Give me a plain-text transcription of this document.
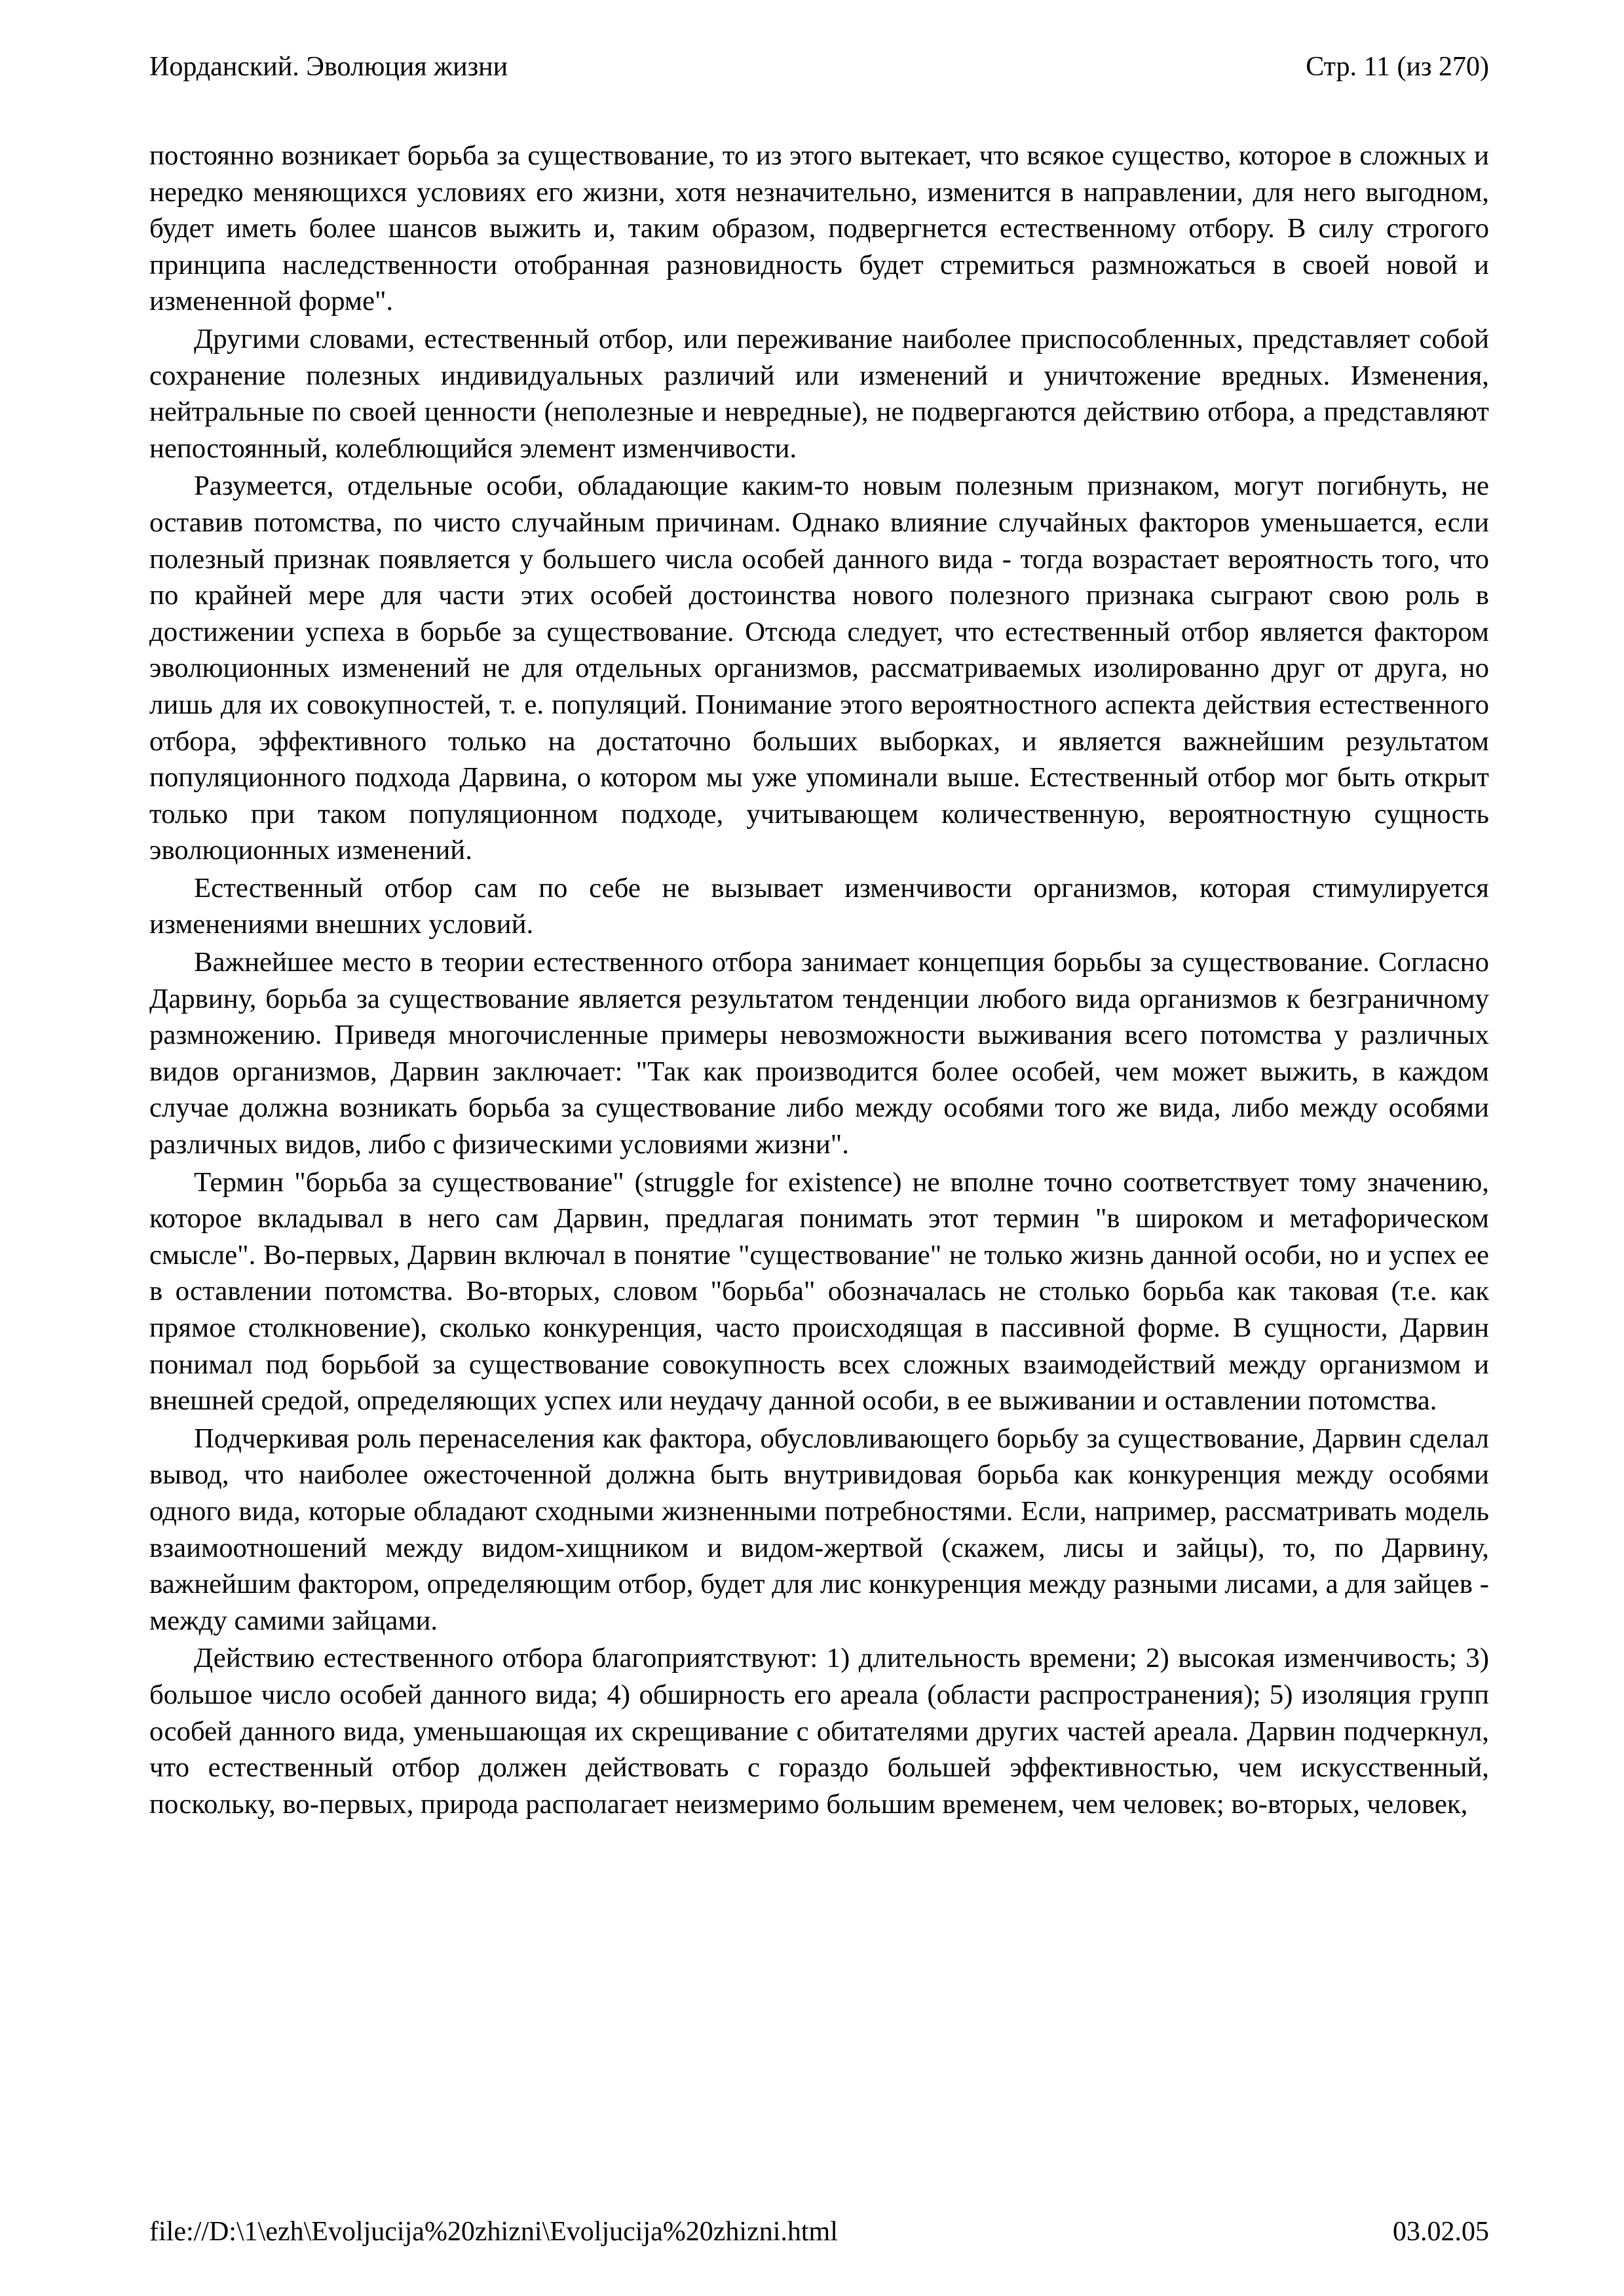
Иорданский. Эволюция жизни	Стр. 11 (из 270)

постоянно возникает борьба за существование, то из этого вытекает, что всякое существо, которое в сложных и нередко меняющихся условиях его жизни, хотя незначительно, изменится в направлении, для него выгодном, будет иметь более шансов выжить и, таким образом, подвергнется естественному отбору. В силу строгого принципа наследственности отобранная разновидность будет стремиться размножаться в своей новой и измененной форме".

Другими словами, естественный отбор, или переживание наиболее приспособленных, представляет собой сохранение полезных индивидуальных различий или изменений и уничтожение вредных. Изменения, нейтральные по своей ценности (неполезные и невредные), не подвергаются действию отбора, а представляют непостоянный, колеблющийся элемент изменчивости.

Разумеется, отдельные особи, обладающие каким-то новым полезным признаком, могут погибнуть, не оставив потомства, по чисто случайным причинам. Однако влияние случайных факторов уменьшается, если полезный признак появляется у большего числа особей данного вида - тогда возрастает вероятность того, что по крайней мере для части этих особей достоинства нового полезного признака сыграют свою роль в достижении успеха в борьбе за существование. Отсюда следует, что естественный отбор является фактором эволюционных изменений не для отдельных организмов, рассматриваемых изолированно друг от друга, но лишь для их совокупностей, т. е. популяций. Понимание этого вероятностного аспекта действия естественного отбора, эффективного только на достаточно больших выборках, и является важнейшим результатом популяционного подхода Дарвина, о котором мы уже упоминали выше. Естественный отбор мог быть открыт только при таком популяционном подходе, учитывающем количественную, вероятностную сущность эволюционных изменений.

Естественный отбор сам по себе не вызывает изменчивости организмов, которая стимулируется изменениями внешних условий.

Важнейшее место в теории естественного отбора занимает концепция борьбы за существование. Согласно Дарвину, борьба за существование является результатом тенденции любого вида организмов к безграничному размножению. Приведя многочисленные примеры невозможности выживания всего потомства у различных видов организмов, Дарвин заключает: "Так как производится более особей, чем может выжить, в каждом случае должна возникать борьба за существование либо между особями того же вида, либо между особями различных видов, либо с физическими условиями жизни".

Термин "борьба за существование" (struggle for existence) не вполне точно соответствует тому значению, которое вкладывал в него сам Дарвин, предлагая понимать этот термин "в широком и метафорическом смысле". Во-первых, Дарвин включал в понятие "существование" не только жизнь данной особи, но и успех ее в оставлении потомства. Во-вторых, словом "борьба" обозначалась не столько борьба как таковая (т.е. как прямое столкновение), сколько конкуренция, часто происходящая в пассивной форме. В сущности, Дарвин понимал под борьбой за существование совокупность всех сложных взаимодействий между организмом и внешней средой, определяющих успех или неудачу данной особи, в ее выживании и оставлении потомства.

Подчеркивая роль перенаселения как фактора, обусловливающего борьбу за существование, Дарвин сделал вывод, что наиболее ожесточенной должна быть внутривидовая борьба как конкуренция между особями одного вида, которые обладают сходными жизненными потребностями. Если, например, рассматривать модель взаимоотношений между видом-хищником и видом-жертвой (скажем, лисы и зайцы), то, по Дарвину, важнейшим фактором, определяющим отбор, будет для лис конкуренция между разными лисами, а для зайцев - между самими зайцами.

Действию естественного отбора благоприятствуют: 1) длительность времени; 2) высокая изменчивость; 3) большое число особей данного вида; 4) обширность его ареала (области распространения); 5) изоляция групп особей данного вида, уменьшающая их скрещивание с обитателями других частей ареала. Дарвин подчеркнул, что естественный отбор должен действовать с гораздо большей эффективностью, чем искусственный, поскольку, во-первых, природа располагает неизмеримо большим временем, чем человек; во-вторых, человек,

file://D:\1\ezh\Evoljucija%20zhizni\Evoljucija%20zhizni.html	03.02.05
